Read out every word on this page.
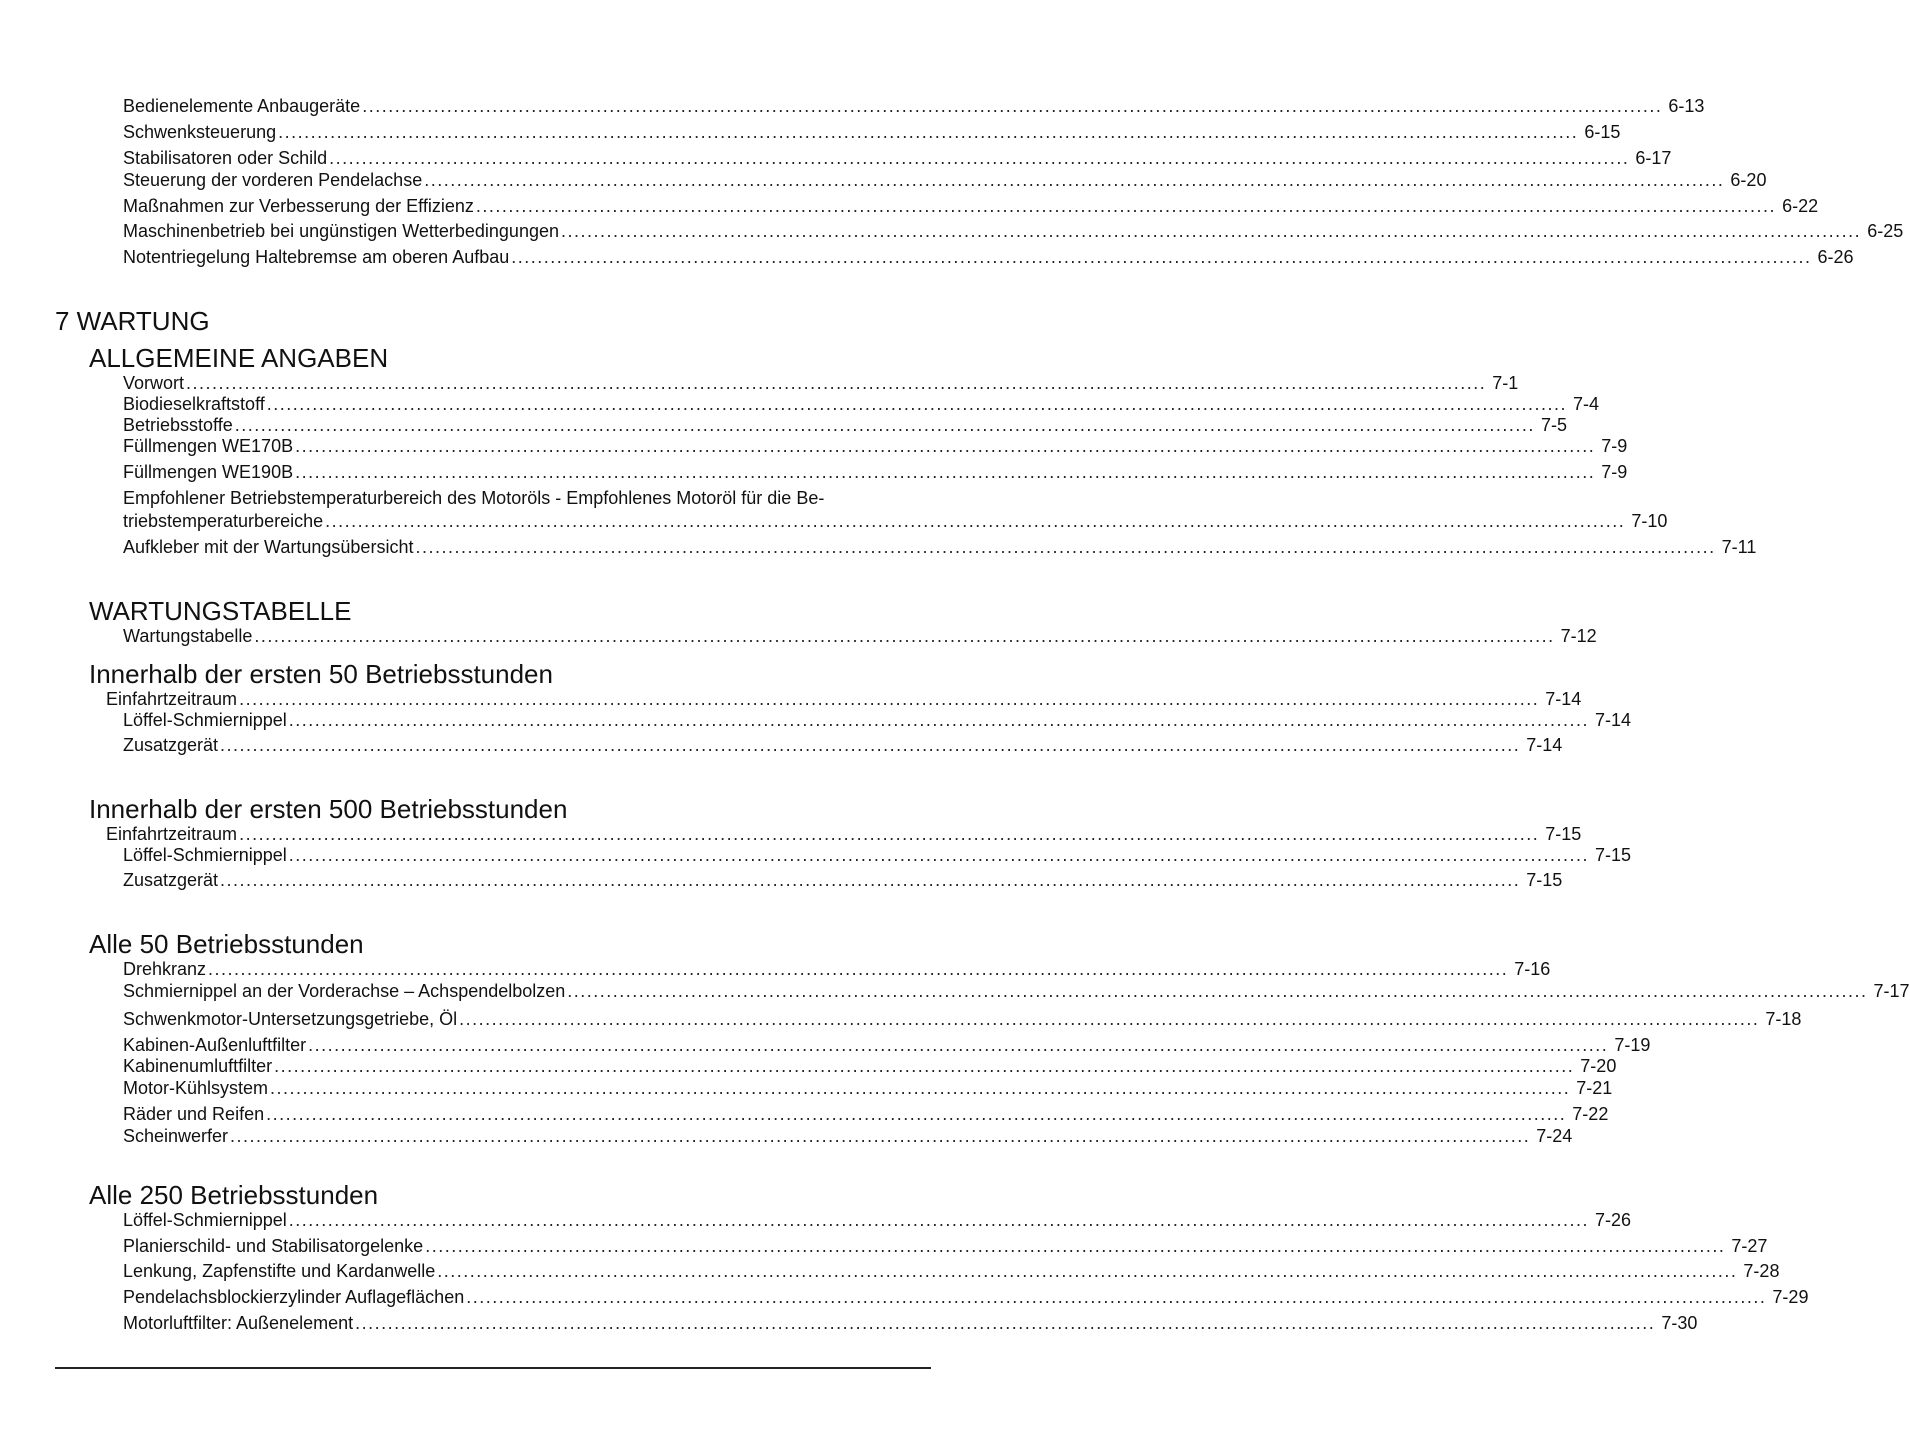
Bedienelemente Anbaugeräte ........................................................................................................................................................................................................ 6-13
Schwenksteuerung ........................................................................................................................................................................................................ 6-15
Stabilisatoren oder Schild ........................................................................................................................................................................................................ 6-17
Steuerung der vorderen Pendelachse ........................................................................................................................................................................................................ 6-20
Maßnahmen zur Verbesserung der Effizienz ........................................................................................................................................................................................................ 6-22
Maschinenbetrieb bei ungünstigen Wetterbedingungen ........................................................................................................................................................................................................ 6-25
Notentriegelung Haltebremse am oberen Aufbau ........................................................................................................................................................................................................ 6-26
7 WARTUNG
ALLGEMEINE ANGABEN
Vorwort ........................................................................................................................................................................................................ 7-1
Biodieselkraftstoff ........................................................................................................................................................................................................ 7-4
Betriebsstoffe ........................................................................................................................................................................................................ 7-5
Füllmengen WE170B ........................................................................................................................................................................................................ 7-9
Füllmengen WE190B ........................................................................................................................................................................................................ 7-9
Empfohlener Betriebstemperaturbereich des Motoröls - Empfohlenes Motoröl für die Be-
triebstemperaturbereiche ........................................................................................................................................................................................................ 7-10
Aufkleber mit der Wartungsübersicht ........................................................................................................................................................................................................ 7-11
WARTUNGSTABELLE
Wartungstabelle ........................................................................................................................................................................................................ 7-12
Innerhalb der ersten 50 Betriebsstunden
Einfahrtzeitraum ........................................................................................................................................................................................................ 7-14
Löffel-Schmiernippel ........................................................................................................................................................................................................ 7-14
Zusatzgerät ........................................................................................................................................................................................................ 7-14
Innerhalb der ersten 500 Betriebsstunden
Einfahrtzeitraum ........................................................................................................................................................................................................ 7-15
Löffel-Schmiernippel ........................................................................................................................................................................................................ 7-15
Zusatzgerät ........................................................................................................................................................................................................ 7-15
Alle 50 Betriebsstunden
Drehkranz ........................................................................................................................................................................................................ 7-16
Schmiernippel an der Vorderachse – Achspendelbolzen ........................................................................................................................................................................................................ 7-17
Schwenkmotor-Untersetzungsgetriebe, Öl ........................................................................................................................................................................................................ 7-18
Kabinen-Außenluftfilter ........................................................................................................................................................................................................ 7-19
Kabinenumluftfilter ........................................................................................................................................................................................................ 7-20
Motor-Kühlsystem ........................................................................................................................................................................................................ 7-21
Räder und Reifen ........................................................................................................................................................................................................ 7-22
Scheinwerfer ........................................................................................................................................................................................................ 7-24
Alle 250 Betriebsstunden
Löffel-Schmiernippel ........................................................................................................................................................................................................ 7-26
Planierschild- und Stabilisatorgelenke ........................................................................................................................................................................................................ 7-27
Lenkung, Zapfenstifte und Kardanwelle ........................................................................................................................................................................................................ 7-28
Pendelachsblockierzylinder Auflageflächen ........................................................................................................................................................................................................ 7-29
Motorluftfilter: Außenelement ........................................................................................................................................................................................................ 7-30
